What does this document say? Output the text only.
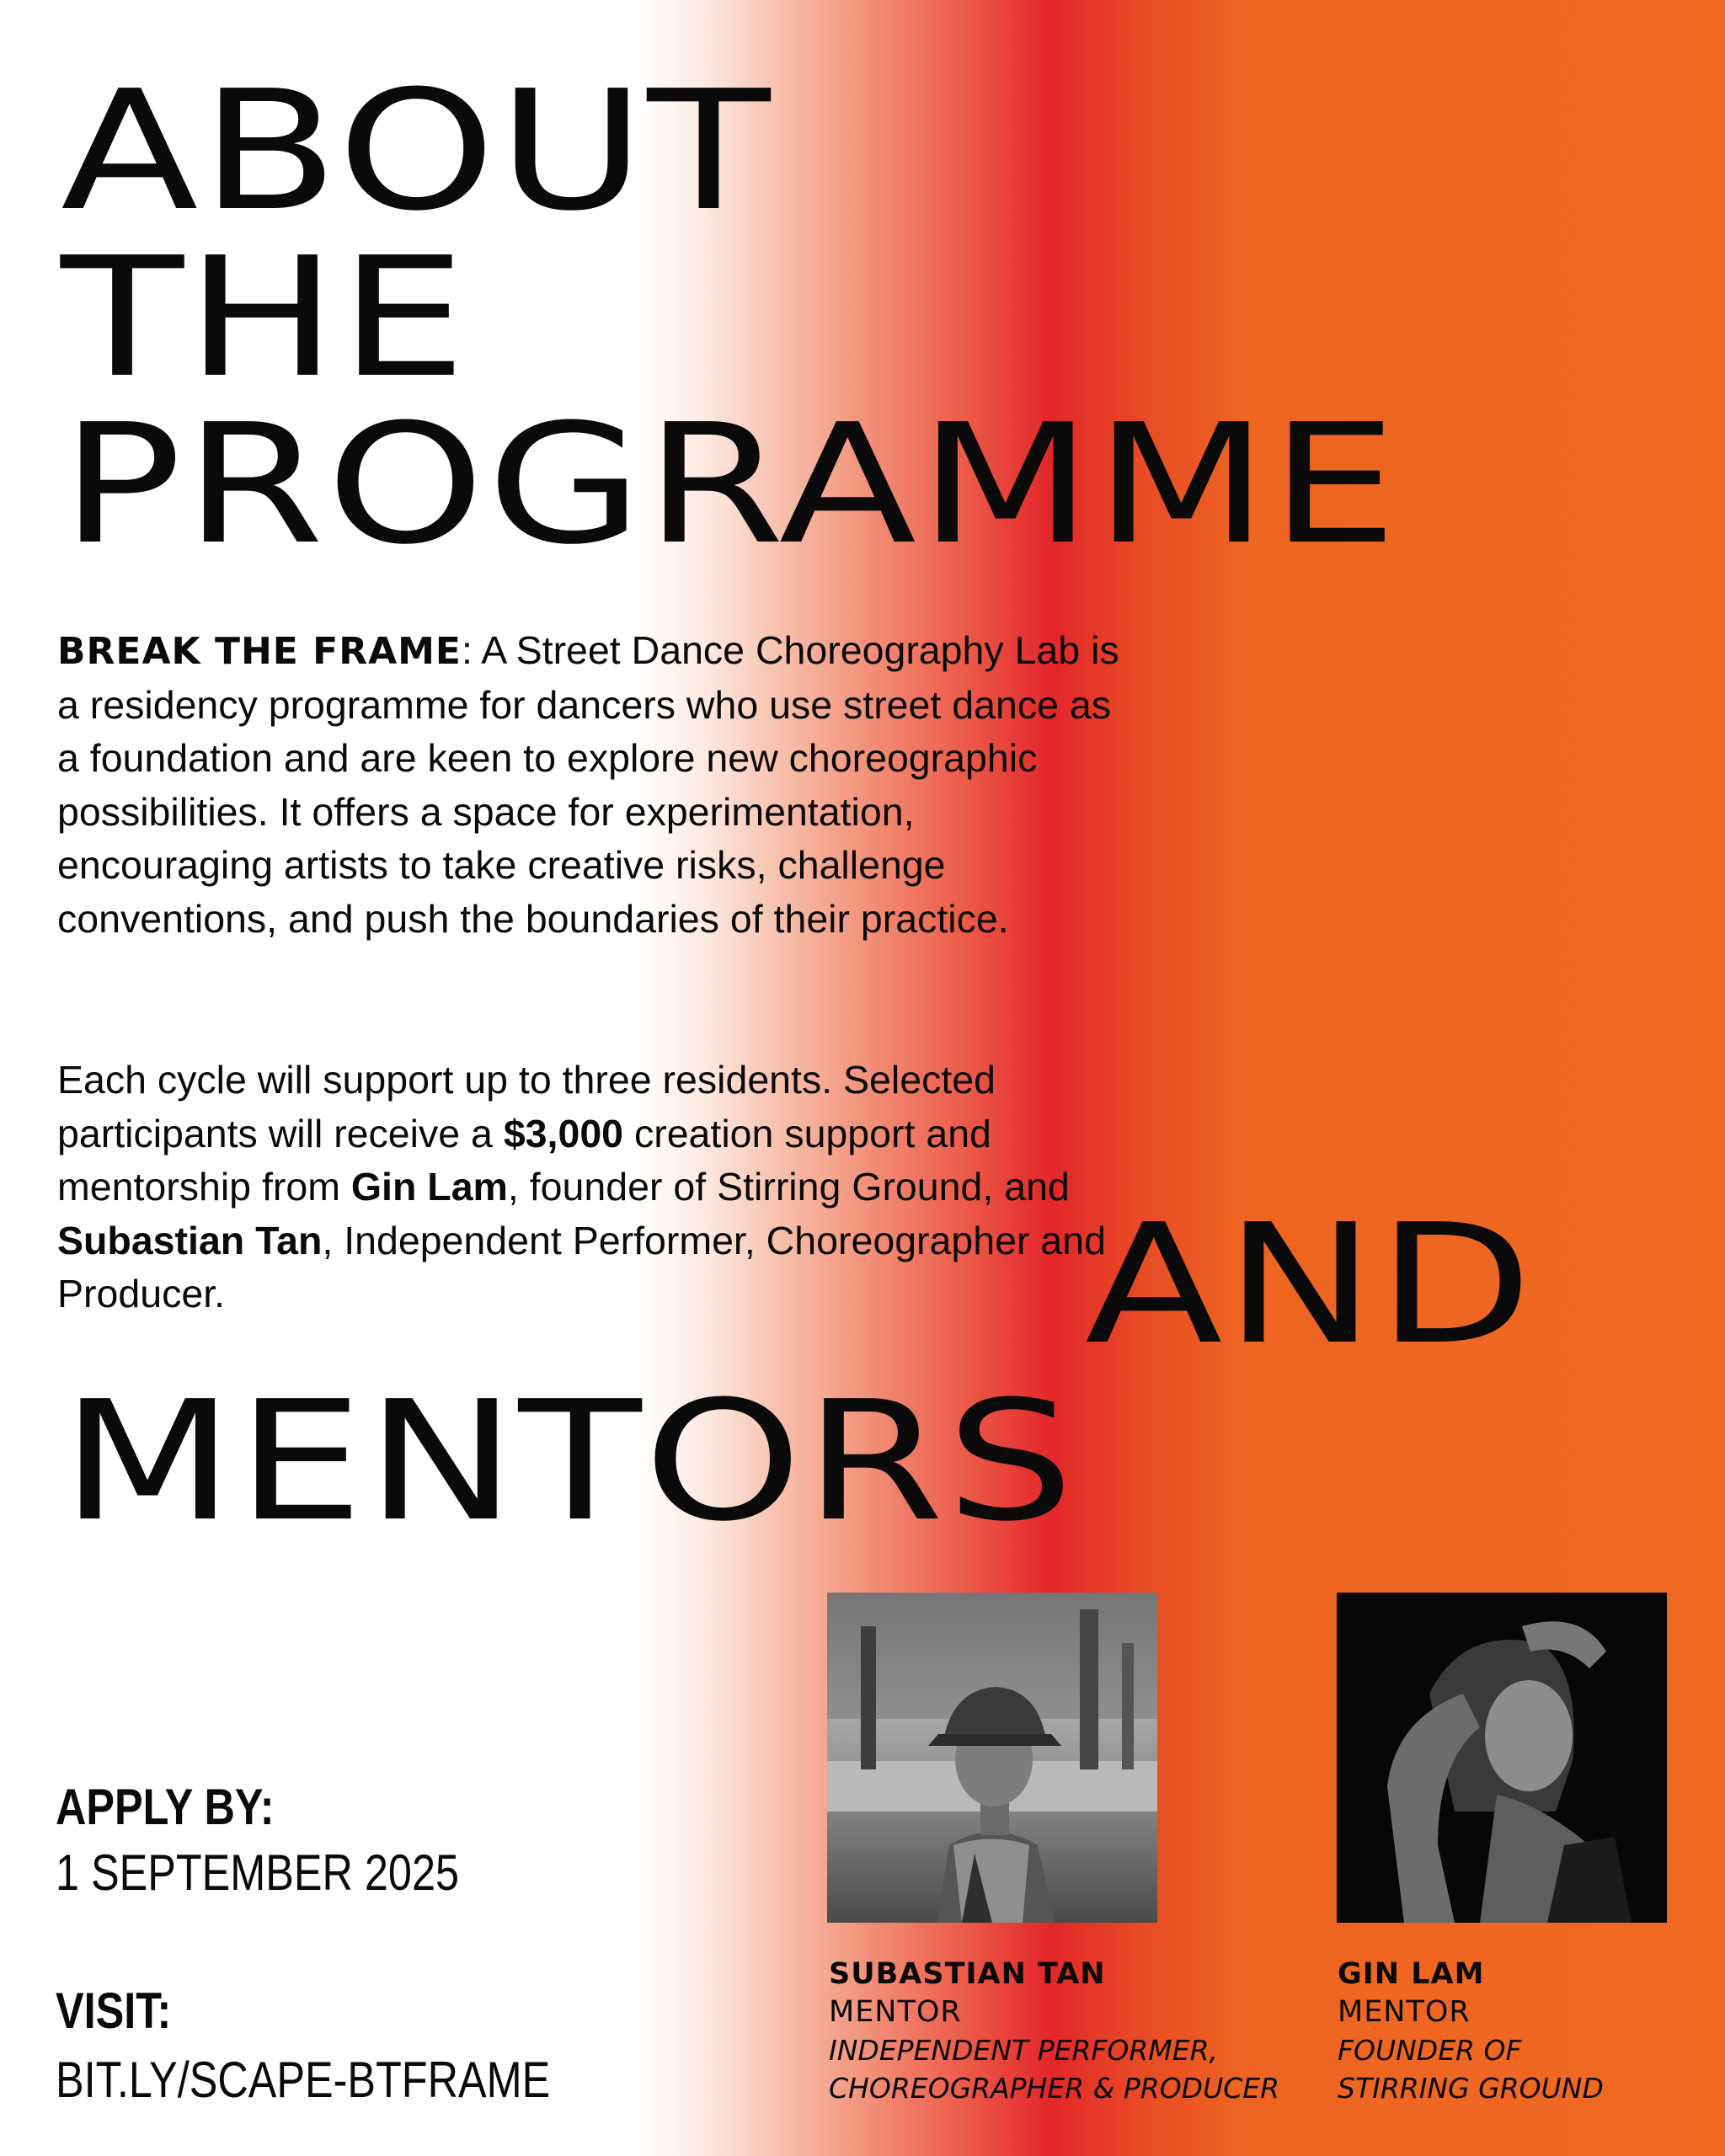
ABOUT
THE
PROGRAMME

BREAK THE FRAME: A Street Dance Choreography Lab is a residency programme for dancers who use street dance as a foundation and are keen to explore new choreographic possibilities. It offers a space for experimentation, encouraging artists to take creative risks, challenge conventions, and push the boundaries of their practice.

Each cycle will support up to three residents. Selected participants will receive a $3,000 creation support and mentorship from Gin Lam, founder of Stirring Ground, and Subastian Tan, Independent Performer, Choreographer and Producer.	AND
MENTORS

APPLY BY:

1 SEPTEMBER 2025

VISIT:

BIT.LY/SCAPE-BTFRAME

SUBASTIAN TAN
MENTOR
INDEPENDENT PERFORMER,
CHOREOGRAPHER & PRODUCER
GIN LAM
MENTOR
FOUNDER OF
STIRRING GROUND
